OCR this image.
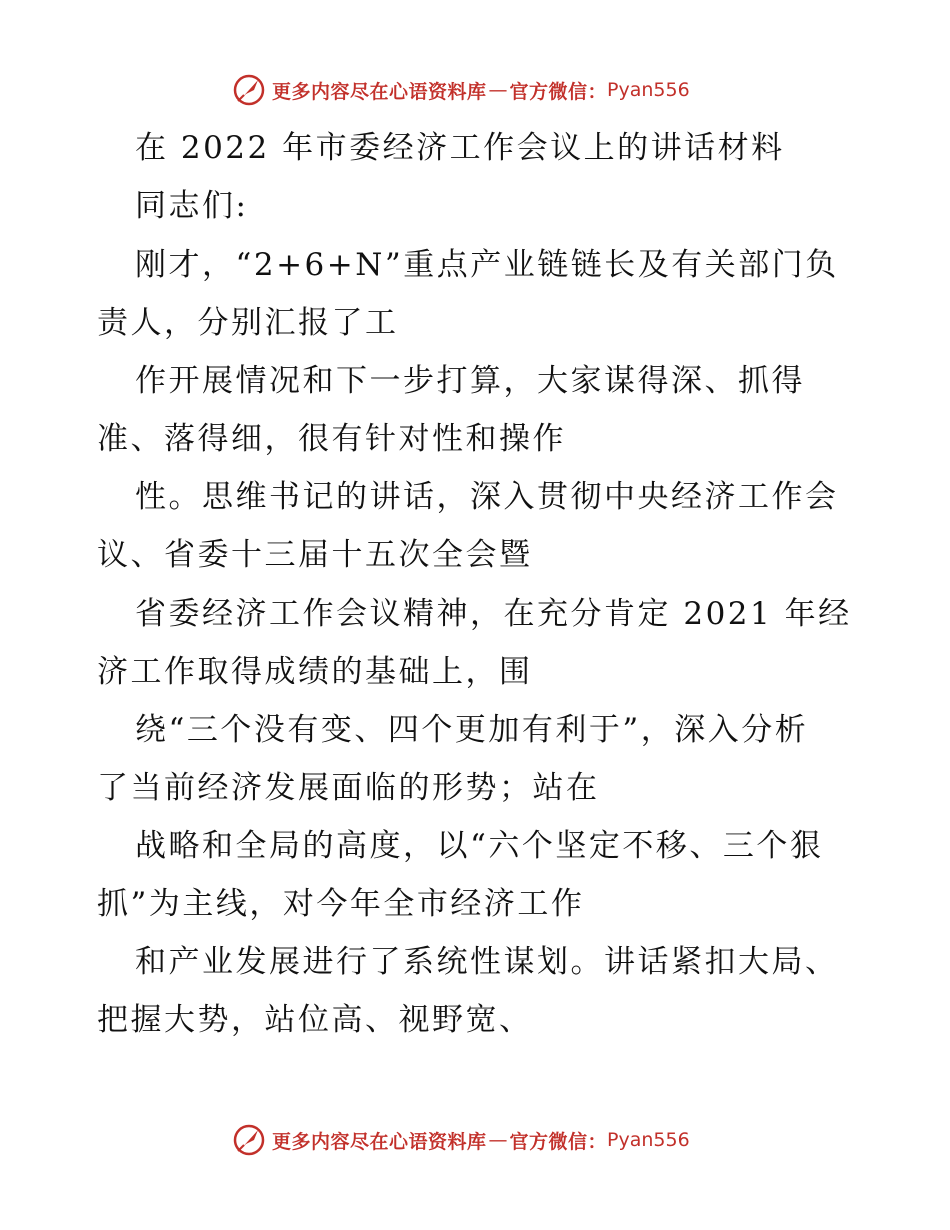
更多内容尽在心语资料库 — 官方微信： Pyan556
在 2022 年市委经济工作会议上的讲话材料
同志们:
刚才，“2+6+N”重点产业链链长及有关部门负
责人，分别汇报了工
作开展情况和下一步打算，大家谋得深、抓得
准、落得细，很有针对性和操作
性。思维书记的讲话，深入贯彻中央经济工作会
议、省委十三届十五次全会暨
省委经济工作会议精神，在充分肯定 2021 年经
济工作取得成绩的基础上，围
绕“三个没有变、四个更加有利于”，深入分析
了当前经济发展面临的形势；站在
战略和全局的高度，以“六个坚定不移、三个狠
抓”为主线，对今年全市经济工作
和产业发展进行了系统性谋划。讲话紧扣大局、
把握大势，站位高、视野宽、
更多内容尽在心语资料库 — 官方微信： Pyan556
